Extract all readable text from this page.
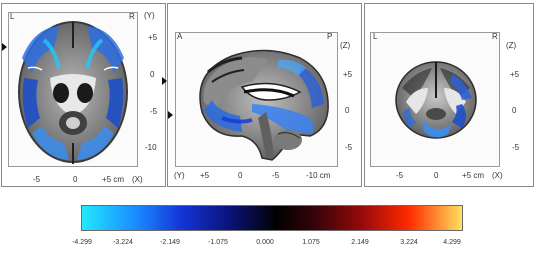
L	R (Y)
+5
0
-5
-10
-5	0	+5 cm (X)
A	P
(Z)
+5
0
-5
(Y) +5	0	-5	-10 cm
L	R
(Z)
+5
0
-5
-5	0	+5 cm (X)
-4.299	-3.224	-2.149	-1.075	0.000	1.075	2.149	3.224	4.299
